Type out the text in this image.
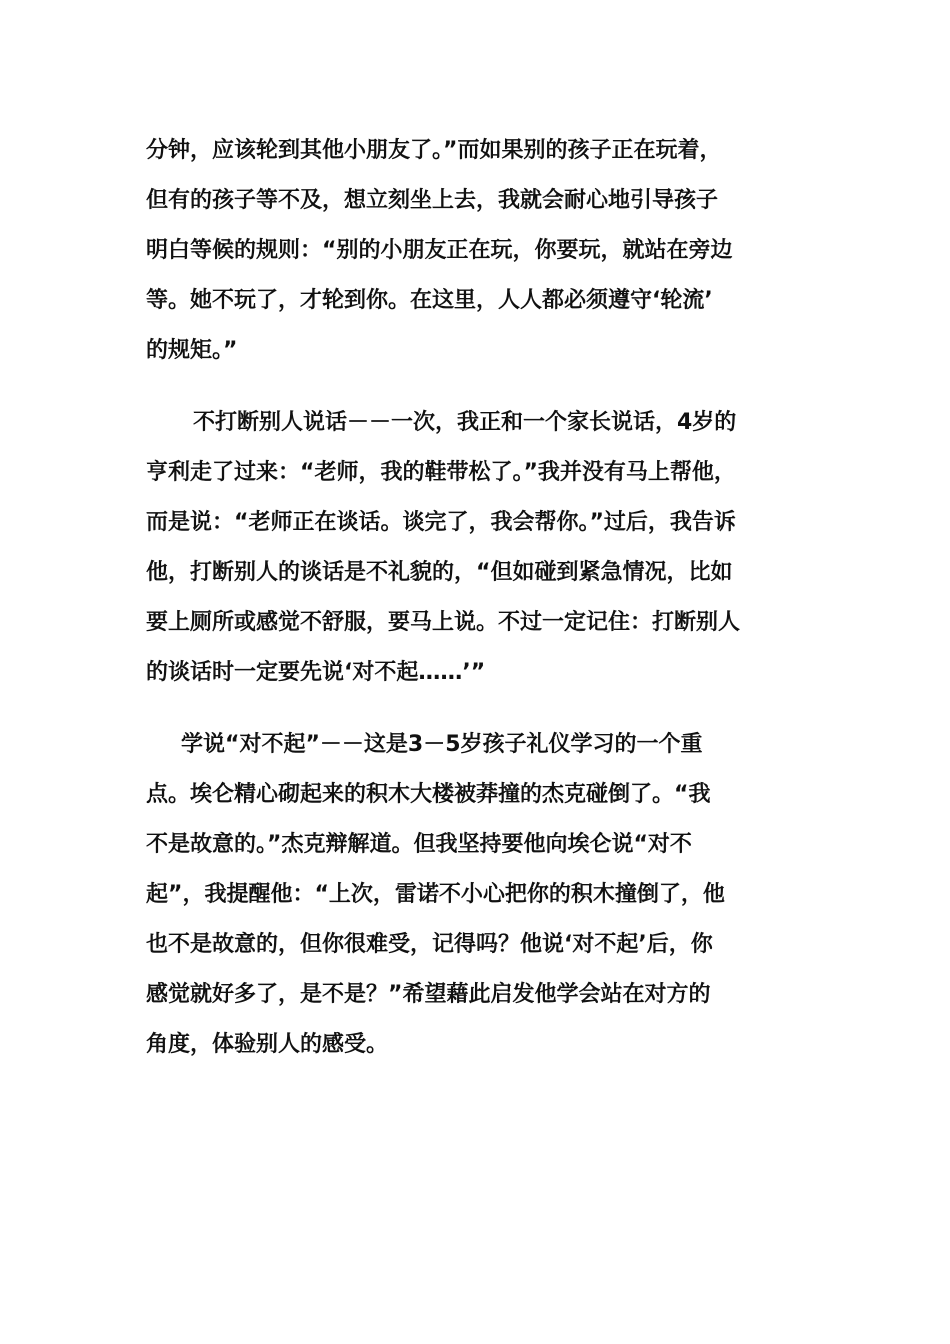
分钟，应该轮到其他小朋友了。”而如果别的孩子正在玩着，
但有的孩子等不及，想立刻坐上去，我就会耐心地引导孩子
明白等候的规则：“别的小朋友正在玩，你要玩，就站在旁边
等。她不玩了，才轮到你。在这里，人人都必须遵守‘轮流’
的规矩。”
不打断别人说话－－一次，我正和一个家长说话，4岁的
亨利走了过来：“老师，我的鞋带松了。”我并没有马上帮他，
而是说：“老师正在谈话。谈完了，我会帮你。”过后，我告诉
他，打断别人的谈话是不礼貌的，“但如碰到紧急情况，比如
要上厕所或感觉不舒服，要马上说。不过一定记住：打断别人
的谈话时一定要先说‘对不起……’”
学说“对不起”－－这是3－5岁孩子礼仪学习的一个重
点。埃仑精心砌起来的积木大楼被莽撞的杰克碰倒了。“我
不是故意的。”杰克辩解道。但我坚持要他向埃仑说“对不
起”，我提醒他：“上次，雷诺不小心把你的积木撞倒了，他
也不是故意的，但你很难受，记得吗？他说‘对不起’后，你
感觉就好多了，是不是？”希望藉此启发他学会站在对方的
角度，体验别人的感受。
